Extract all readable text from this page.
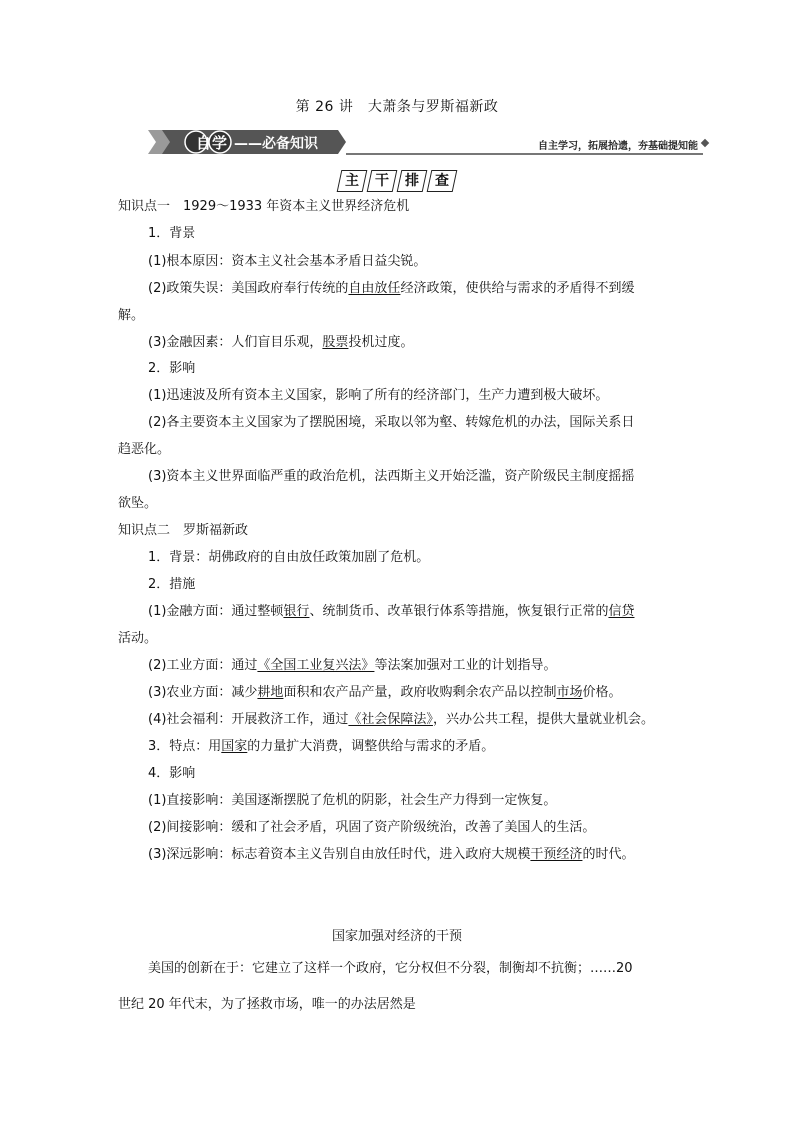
第 26 讲　大萧条与罗斯福新政
自学 ——必备知识	自主学习，拓展拾遗，夯基础提知能
主	干	排	查
知识点一　1929～1933 年资本主义世界经济危机
1．背景
(1)根本原因：资本主义社会基本矛盾日益尖锐。
(2)政策失误：美国政府奉行传统的自由放任经济政策，使供给与需求的矛盾得不到缓
解。
(3)金融因素：人们盲目乐观，股票投机过度。
2．影响
(1)迅速波及所有资本主义国家，影响了所有的经济部门，生产力遭到极大破坏。
(2)各主要资本主义国家为了摆脱困境，采取以邻为壑、转嫁危机的办法，国际关系日
趋恶化。
(3)资本主义世界面临严重的政治危机，法西斯主义开始泛滥，资产阶级民主制度摇摇
欲坠。
知识点二　罗斯福新政
1．背景：胡佛政府的自由放任政策加剧了危机。
2．措施
(1)金融方面：通过整顿银行、统制货币、改革银行体系等措施，恢复银行正常的信贷
活动。
(2)工业方面：通过《全国工业复兴法》等法案加强对工业的计划指导。
(3)农业方面：减少耕地面积和农产品产量，政府收购剩余农产品以控制市场价格。
(4)社会福利：开展救济工作，通过《社会保障法》，兴办公共工程，提供大量就业机会。
3．特点：用国家的力量扩大消费，调整供给与需求的矛盾。
4．影响
(1)直接影响：美国逐渐摆脱了危机的阴影，社会生产力得到一定恢复。
(2)间接影响：缓和了社会矛盾，巩固了资产阶级统治，改善了美国人的生活。
(3)深远影响：标志着资本主义告别自由放任时代，进入政府大规模干预经济的时代。
国家加强对经济的干预
美国的创新在于：它建立了这样一个政府，它分权但不分裂，制衡却不抗衡；……20
世纪 20 年代末，为了拯救市场，唯一的办法居然是
